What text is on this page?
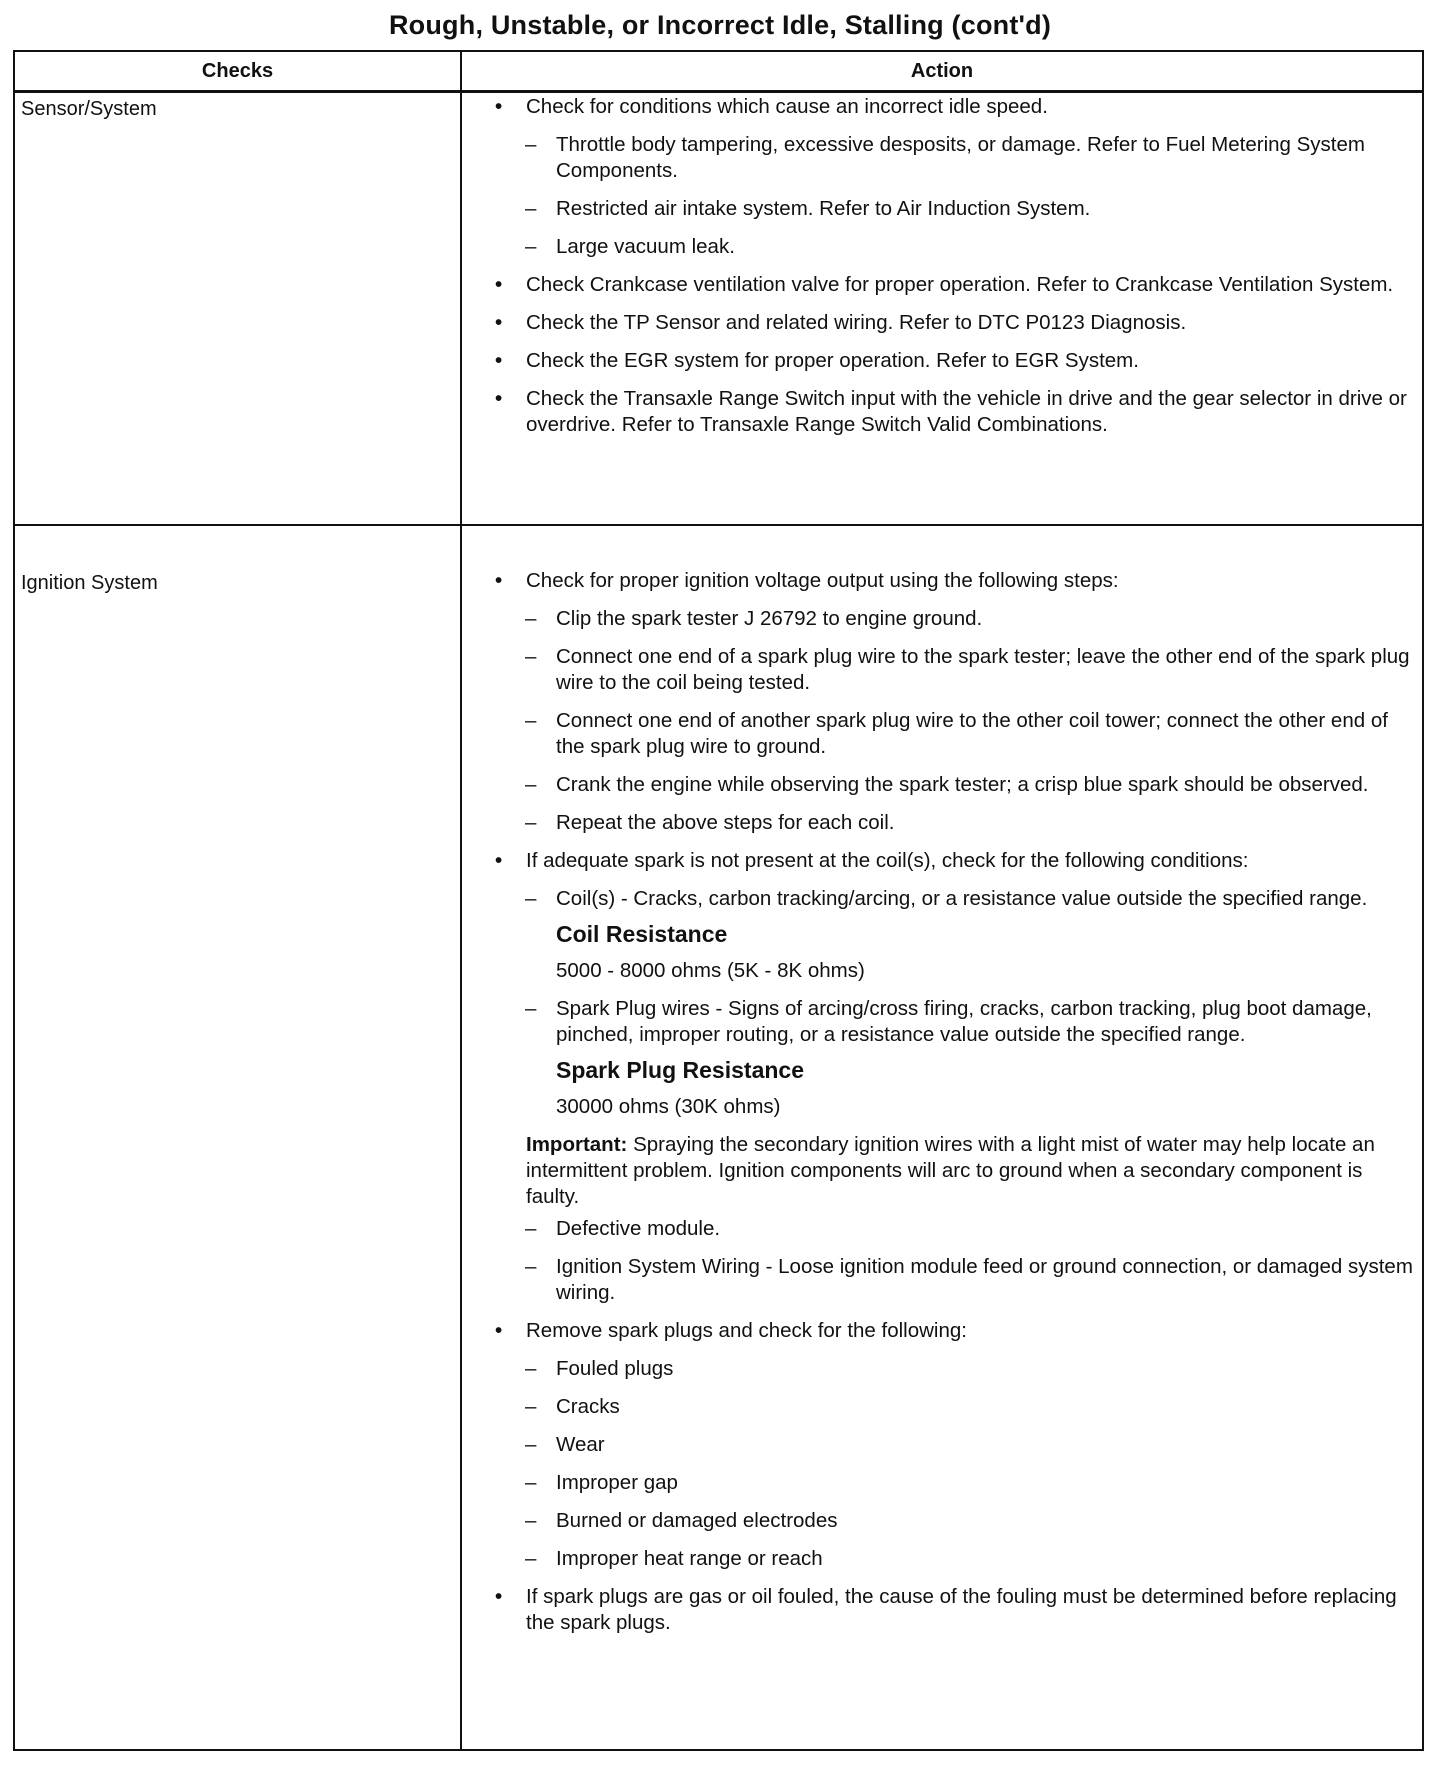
Rough, Unstable, or Incorrect Idle, Stalling (cont'd)
Checks	Action
Sensor/System	• Check for conditions which cause an incorrect idle speed.
– Throttle body tampering, excessive desposits, or damage. Refer to Fuel Metering System Components.
– Restricted air intake system. Refer to Air Induction System.
– Large vacuum leak.
• Check Crankcase ventilation valve for proper operation. Refer to Crankcase Ventilation System.
• Check the TP Sensor and related wiring. Refer to DTC P0123 Diagnosis.
• Check the EGR system for proper operation. Refer to EGR System.
• Check the Transaxle Range Switch input with the vehicle in drive and the gear selector in drive or overdrive. Refer to Transaxle Range Switch Valid Combinations.
Ignition System	• Check for proper ignition voltage output using the following steps:
– Clip the spark tester J 26792 to engine ground.
– Connect one end of a spark plug wire to the spark tester; leave the other end of the spark plug wire to the coil being tested.
– Connect one end of another spark plug wire to the other coil tower; connect the other end of the spark plug wire to ground.
– Crank the engine while observing the spark tester; a crisp blue spark should be observed.
– Repeat the above steps for each coil.
• If adequate spark is not present at the coil(s), check for the following conditions:
– Coil(s) - Cracks, carbon tracking/arcing, or a resistance value outside the specified range.
Coil Resistance
5000 - 8000 ohms (5K - 8K ohms)
– Spark Plug wires - Signs of arcing/cross firing, cracks, carbon tracking, plug boot damage, pinched, improper routing, or a resistance value outside the specified range.
Spark Plug Resistance
30000 ohms (30K ohms)
Important: Spraying the secondary ignition wires with a light mist of water may help locate an intermittent problem. Ignition components will arc to ground when a secondary component is faulty.
– Defective module.
– Ignition System Wiring - Loose ignition module feed or ground connection, or damaged system wiring.
• Remove spark plugs and check for the following:
– Fouled plugs
– Cracks
– Wear
– Improper gap
– Burned or damaged electrodes
– Improper heat range or reach
• If spark plugs are gas or oil fouled, the cause of the fouling must be determined before replacing the spark plugs.
